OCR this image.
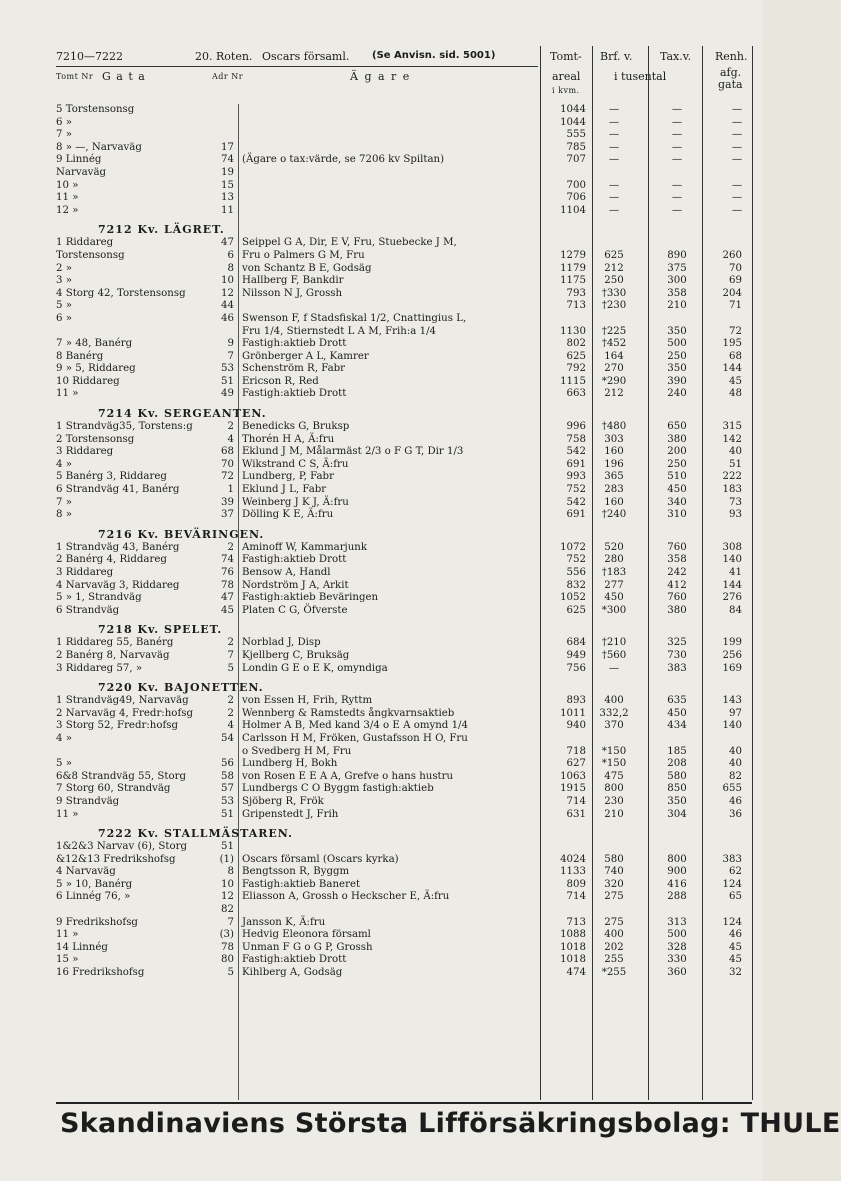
7210—7222	20. Roten. Oscars församl. (Se Anvisn. sid. 5001)
Tomt Nr G a t a	Adr Nr	Ä g a r e
Tomt-
areal
i kvm.
Brf. v.	Tax.v.
i tusental
Renh.
afg.
gata
5 Torstensonsg	1044	—	—	—
6 »	1044	—	—	—
7 »	555	—	—	—
8 » —, Narvaväg	17	785	—	—	—
9 Linnég	74 (Ägare o tax:värde, se 7206 kv Spiltan)	707	—	—	—
Narvaväg	19
10 »	15	700	—	—	—
11 »	13	706	—	—	—
12 »	11	1104	—	—	—
7212 Kv. LÄGRET.
1 Riddareg	47 Seippel G A, Dir, E V, Fru, Stuebecke J M,
Torstensonsg	6 Fru o Palmers G M, Fru	1279	625	890	260
2 »	8 von Schantz B E, Godsäg	1179	212	375	70
3 »	10 Hallberg F, Bankdir	1175	250	300	69
4 Storg 42, Torstensonsg	12 Nilsson N J, Grossh	793	†330	358	204
5 »	44	713	†230	210	71
6 »	46 Swenson F, f Stadsfiskal 1/2, Cnattingius L,
Fru 1/4, Stiernstedt L A M, Frih:a 1/4	1130	†225	350	72
7 » 48, Banérg	9 Fastigh:aktieb Drott	802	†452	500	195
8 Banérg	7 Grönberger A L, Kamrer	625	164	250	68
9 » 5, Riddareg	53 Schenström R, Fabr	792	270	350	144
10 Riddareg	51 Ericson R, Red	1115	*290	390	45
11 »	49 Fastigh:aktieb Drott	663	212	240	48
7214 Kv. SERGEANTEN.
1 Strandväg35, Torstens:g	2 Benedicks G, Bruksp	996	†480	650	315
2 Torstensonsg	4 Thorén H A, Ä:fru	758	303	380	142
3 Riddareg	68 Eklund J M, Målarmäst 2/3 o F G T, Dir 1/3	542	160	200	40
4 »	70 Wikstrand C S, Ä:fru	691	196	250	51
5 Banérg 3, Riddareg	72 Lundberg, P, Fabr	993	365	510	222
6 Strandväg 41, Banérg	1 Eklund J L, Fabr	752	283	450	183
7 »	39 Weinberg J K J, Ä:fru	542	160	340	73
8 »	37 Dölling K E, Ä:fru	691	†240	310	93
7216 Kv. BEVÄRINGEN.
1 Strandväg 43, Banérg	2 Aminoff W, Kammarjunk	1072	520	760	308
2 Banérg 4, Riddareg	74 Fastigh:aktieb Drott	752	280	358	140
3 Riddareg	76 Bensow A, Handl	556	†183	242	41
4 Narvaväg 3, Riddareg	78 Nordström J A, Arkit	832	277	412	144
5 » 1, Strandväg	47 Fastigh:aktieb Beväringen	1052	450	760	276
6 Strandväg	45 Platen C G, Öfverste	625	*300	380	84
7218 Kv. SPELET.
1 Riddareg 55, Banérg	2 Norblad J, Disp	684	†210	325	199
2 Banérg 8, Narvaväg	7 Kjellberg C, Bruksäg	949	†560	730	256
3 Riddareg 57, »	5 Londin G E o E K, omyndiga	756	—	383	169
7220 Kv. BAJONETTEN.
1 Strandväg49, Narvaväg	2 von Essen H, Frih, Ryttm	893	400	635	143
2 Narvaväg 4, Fredr:hofsg	2 Wennberg & Ramstedts ångkvarnsaktieb	1011	332,2	450	97
3 Storg 52, Fredr:hofsg	4 Holmer A B, Med kand 3/4 o E A omynd 1/4	940	370	434	140
4 »	54 Carlsson H M, Fröken, Gustafsson H O, Fru
o Svedberg H M, Fru	718	*150	185	40
5 »	56 Lundberg H, Bokh	627	*150	208	40
6&8 Strandväg 55, Storg	58 von Rosen E E A A, Grefve o hans hustru	1063	475	580	82
7 Storg 60, Strandväg	57 Lundbergs C O Byggm fastigh:aktieb	1915	800	850	655
9 Strandväg	53 Sjöberg R, Frök	714	230	350	46
11 »	51 Gripenstedt J, Frih	631	210	304	36
7222 Kv. STALLMÄSTAREN.
1&2&3 Narvav (6), Storg	51
&12&13 Fredrikshofsg	(1) Oscars församl (Oscars kyrka)	4024	580	800	383
4 Narvaväg	8 Bengtsson R, Byggm	1133	740	900	62
5 » 10, Banérg	10 Fastigh:aktieb Baneret	809	320	416	124
6 Linnég 76, »	12 Eliasson A, Grossh o Heckscher E, Ä:fru	714	275	288	65
82
9 Fredrikshofsg	7 Jansson K, Ä:fru	713	275	313	124
11 »	(3) Hedvig Eleonora församl	1088	400	500	46
14 Linnég	78 Unman F G o G P, Grossh	1018	202	328	45
15 »	80 Fastigh:aktieb Drott	1018	255	330	45
16 Fredrikshofsg	5 Kihlberg A, Godsäg	474	*255	360	32
Skandinaviens Största Lifförsäkringsbolag: THULE
